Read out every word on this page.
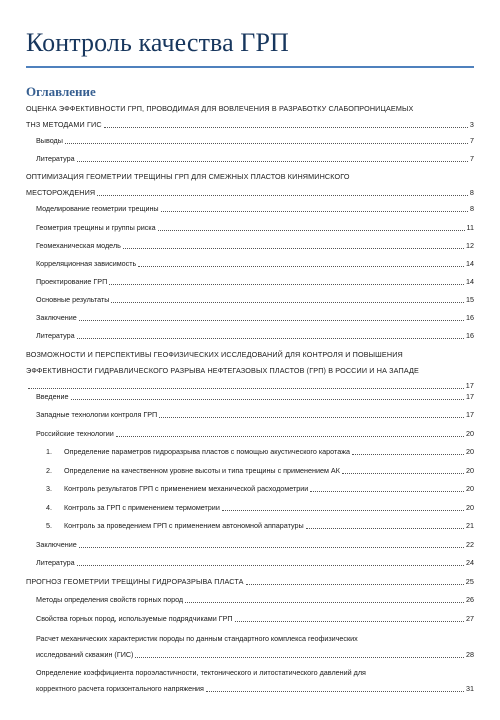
Контроль качества ГРП
Оглавление
ОЦЕНКА ЭФФЕКТИВНОСТИ ГРП, ПРОВОДИМАЯ ДЛЯ ВОВЛЕЧЕНИЯ В РАЗРАБОТКУ СЛАБОПРОНИЦАЕМЫХ
ТНЗ МЕТОДАМИ ГИС	3
Выводы	7
Литература	7
ОПТИМИЗАЦИЯ ГЕОМЕТРИИ ТРЕЩИНЫ ГРП ДЛЯ СМЕЖНЫХ ПЛАСТОВ КИНЯМИНСКОГО
МЕСТОРОЖДЕНИЯ	8
Моделирование геометрии трещины	8
Геометрия трещины и группы риска	11
Геомеханическая модель	12
Корреляционная зависимость	14
Проектирование ГРП	14
Основные результаты	15
Заключение	16
Литература	16
ВОЗМОЖНОСТИ И ПЕРСПЕКТИВЫ ГЕОФИЗИЧЕСКИХ ИССЛЕДОВАНИЙ ДЛЯ КОНТРОЛЯ И ПОВЫШЕНИЯ
ЭФФЕКТИВНОСТИ ГИДРАВЛИЧЕСКОГО РАЗРЫВА НЕФТЕГАЗОВЫХ ПЛАСТОВ (ГРП) В РОССИИ И НА ЗАПАДЕ
17
Введение	17
Западные технологии контроля ГРП	17
Российские технологии	20
1. Определение параметров гидроразрыва пластов с помощью акустического каротажа	20
2. Определение на качественном уровне высоты и типа трещины с применением АК	20
3. Контроль результатов ГРП с применением механической расходометрии	20
4. Контроль за ГРП с применением термометрии	20
5. Контроль за проведением ГРП с применением автономной аппаратуры	21
Заключение	22
Литература	24
ПРОГНОЗ ГЕОМЕТРИИ ТРЕЩИНЫ ГИДРОРАЗРЫВА ПЛАСТА	25
Методы определения свойств горных пород	26
Свойства горных пород, используемые подрядчиками ГРП	27
Расчет механических характеристик породы по данным стандартного комплекса геофизических
исследований скважин (ГИС)	28
Определение коэффициента пороэластичности, тектонического и литостатического давлений для
корректного расчета горизонтального напряжения	31
